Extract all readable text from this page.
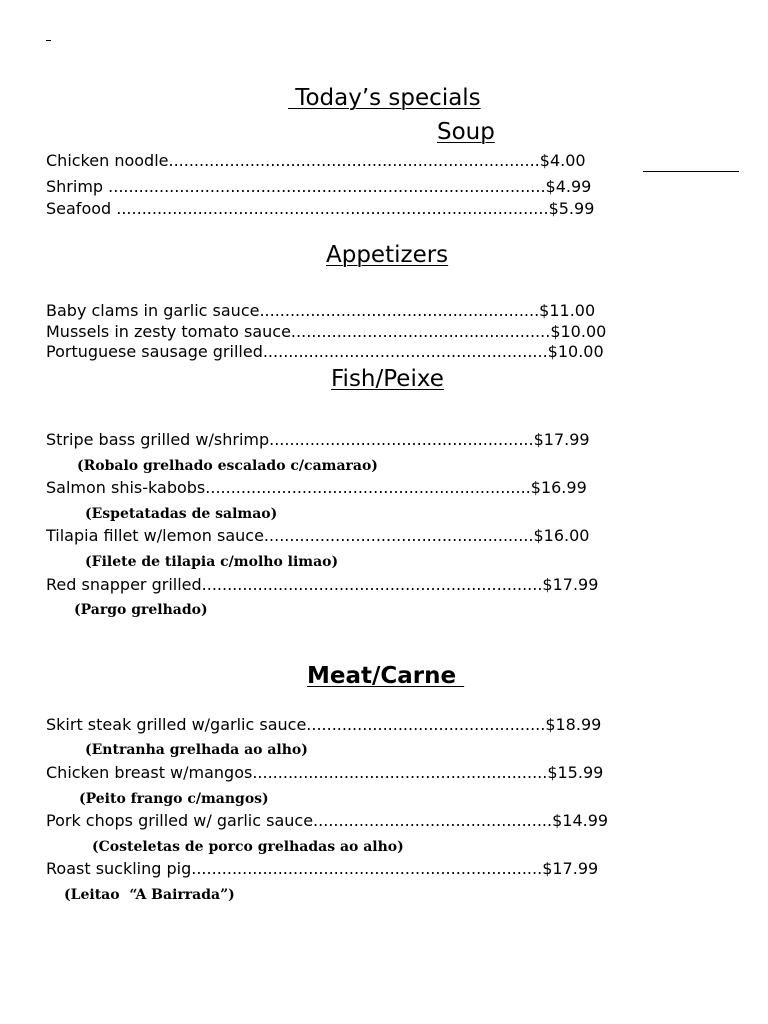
Today’s specials
Soup
Chicken noodle.........................................................................$4.00
Shrimp ......................................................................................$4.99
Seafood .....................................................................................$5.99
Appetizers
Baby clams in garlic sauce.......................................................$11.00
Mussels in zesty tomato sauce...................................................$10.00
Portuguese sausage grilled........................................................$10.00
Fish/Peixe
Stripe bass grilled w/shrimp....................................................$17.99
(Robalo grelhado escalado c/camarao)
Salmon shis-kabobs................................................................$16.99
(Espetatadas de salmao)
Tilapia fillet w/lemon sauce.....................................................$16.00
(Filete de tilapia c/molho limao)
Red snapper grilled...................................................................$17.99
(Pargo grelhado)
Meat/Carne
Skirt steak grilled w/garlic sauce...............................................$18.99
(Entranha grelhada ao alho)
Chicken breast w/mangos..........................................................$15.99
(Peito frango c/mangos)
Pork chops grilled w/ garlic sauce...............................................$14.99
(Costeletas de porco grelhadas ao alho)
Roast suckling pig.....................................................................$17.99
(Leitao  “A Bairrada”)
